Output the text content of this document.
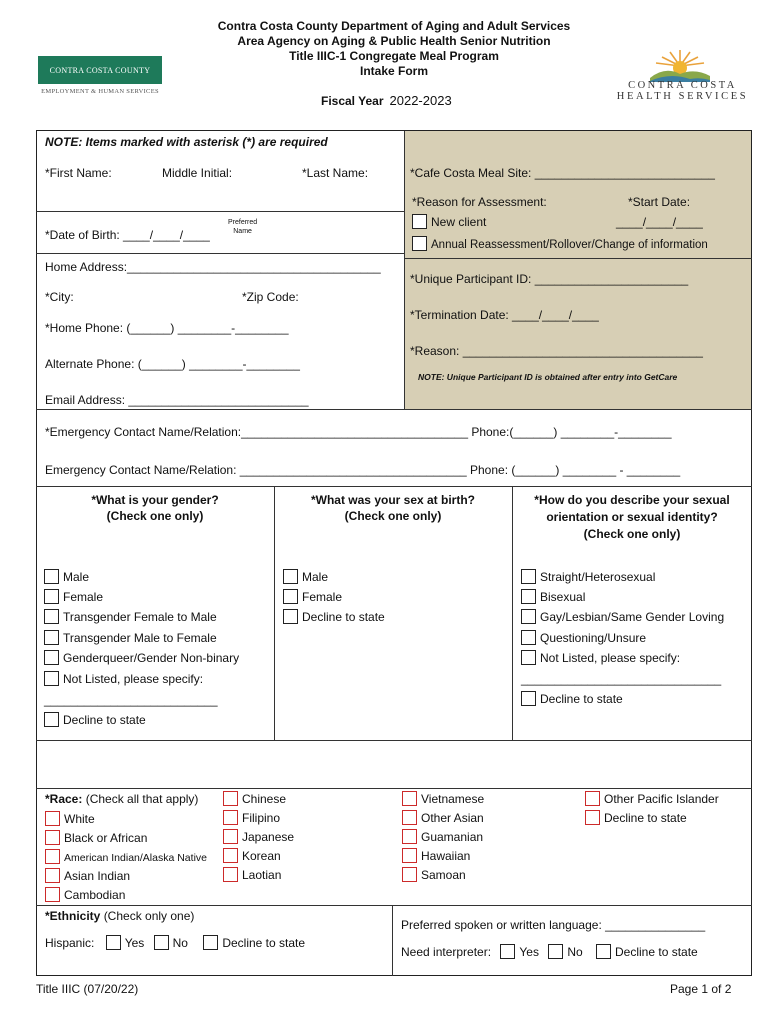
CONTRA COSTA COUNTY
EMPLOYMENT & HUMAN SERVICES
CONTRA COSTA
HEALTH SERVICES
Contra Costa County Department of Aging and Adult Services
Area Agency on Aging & Public Health Senior Nutrition
Title IIIC-1 Congregate Meal Program
Intake Form
Fiscal Year 2022-2023
NOTE: Items marked with asterisk (*) are required
*First Name:	Middle Initial:	*Last Name:
*Date of Birth: ____/____/____
Preferred
Name
Home Address:______________________________________
*City:	*Zip Code:
*Home Phone: (______) ________-________
Alternate Phone: (______) ________-________
Email Address: ___________________________
*Cafe Costa Meal Site: ___________________________
*Reason for Assessment:	*Start Date:
____/____/____
New client
Annual Reassessment/Rollover/Change of information
*Unique Participant ID: _______________________
*Termination Date: ____/____/____
*Reason: ____________________________________
NOTE: Unique Participant ID is obtained after entry into GetCare
*Emergency Contact Name/Relation:__________________________________ Phone:(______) ________-________
Emergency Contact Name/Relation: __________________________________ Phone: (______) ________ - ________
*What is your gender?
(Check one only)
Male
Female
Transgender Female to Male
Transgender Male to Female
Genderqueer/Gender Non-binary
Not Listed, please specify:
__________________________
Decline to state
*What was your sex at birth?
(Check one only)
Male
Female
Decline to state
*How do you describe your sexual
orientation or sexual identity?
(Check one only)
Straight/Heterosexual
Bisexual
Gay/Lesbian/Same Gender Loving
Questioning/Unsure
Not Listed, please specify:
______________________________
Decline to state
*Race: (Check all that apply)
White
Black or African
American Indian/Alaska Native
Asian Indian
Cambodian
Chinese
Filipino
Japanese
Korean
Laotian
Vietnamese
Other Asian
Guamanian
Hawaiian
Samoan
Other Pacific Islander
Decline to state
*Ethnicity (Check only one)
Hispanic:	Yes No	Decline to state
Preferred spoken or written language: _______________
Need interpreter: Yes No	Decline to state
Title IIIC (07/20/22)	Page 1 of 2
